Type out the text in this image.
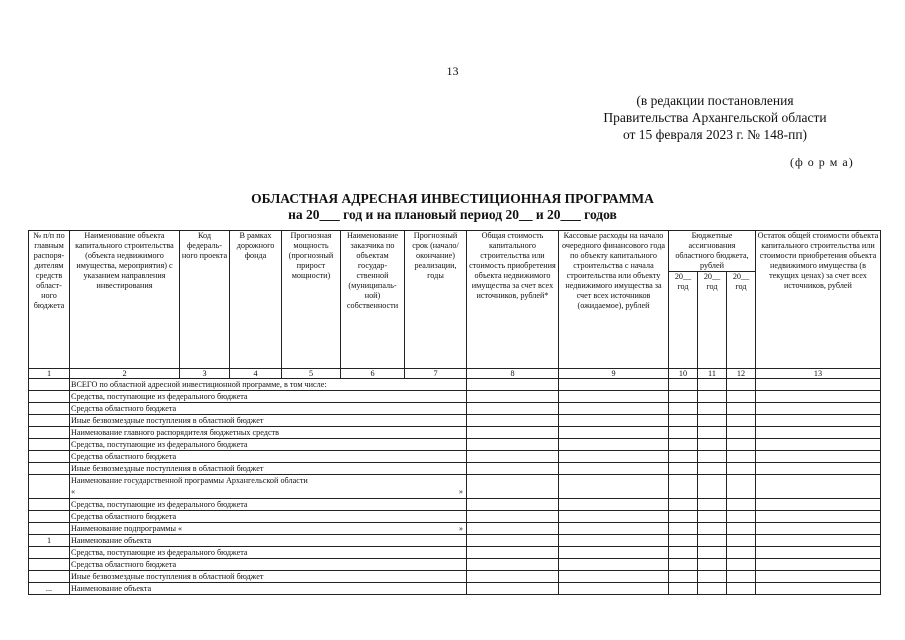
13
(в редакции постановления
Правительства Архангельской области
от 15 февраля 2023 г. № 148-пп)
(ф о р м а)
ОБЛАСТНАЯ АДРЕСНАЯ ИНВЕСТИЦИОННАЯ ПРОГРАММА
на 20___ год и на плановый период 20__ и 20___ годов
№ п/п по главным распоря-дителям средств област-ного бюджета	Наименование объекта капитального строительства (объекта недвижимого имущества, мероприятия) с указанием направления инвестирования	Код федераль-ного проекта	В рамках дорожного фонда	Прогнозная мощность (прогнозный прирост мощности)	Наименование заказчика по объектам государ-ственной (муниципаль-ной) собственности	Прогнозный срок (начало/ окончание) реализации, годы	Общая стоимость капитального строительства или стоимость приобретения объекта недвижимого имущества за счет всех источников, рублей*	Кассовые расходы на начало очередного финансового года по объекту капитального строительства с начала строительства или объекту недвижимого имущества за счет всех источников (ожидаемое), рублей	Бюджетные ассигнования областного бюджета, рублей			Остаток общей стоимости объекта капитального строительства или стоимости приобретения объекта недвижимого имущества (в текущих ценах) за счет всех источников, рублей
									20__ год	20__ год	20__ год	
1	2	3	4	5	6	7	8	9	10	11	12	13
	ВСЕГО по областной адресной инвестиционной программе, в том числе:											
	Средства, поступающие из федерального бюджета											
	Средства областного бюджета											
	Иные безвозмездные поступления в областной бюджет											
	Наименование главного распорядителя бюджетных средств											
	Средства, поступающие из федерального бюджета											
	Средства областного бюджета											
	Иные безвозмездные поступления в областной бюджет											

	Наименование государственной программы Архангельской области
« »											

	Средства, поступающие из федерального бюджета											
	Средства областного бюджета											

	Наименование подпрограммы « »											

1	Наименование объекта											
	Средства, поступающие из федерального бюджета											
	Средства областного бюджета											
	Иные безвозмездные поступления в областной бюджет											
...	Наименование объекта											
